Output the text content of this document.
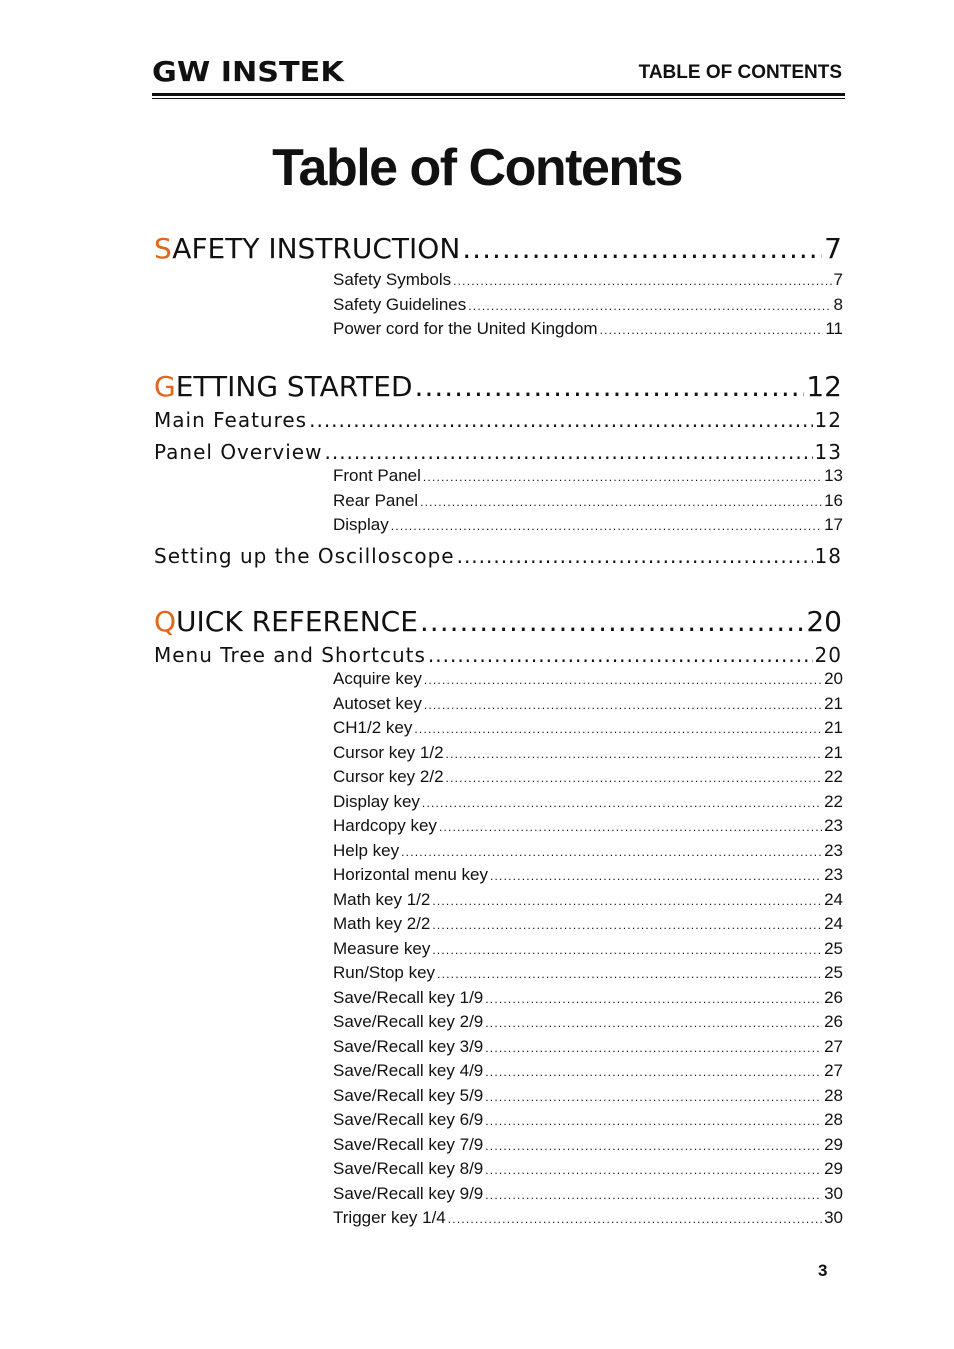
GW INSTEK	TABLE OF CONTENTS
Table of Contents
SAFETY INSTRUCTION .....	7
Safety Symbols .....	7
Safety Guidelines .....	8
Power cord for the United Kingdom .....	11
GETTING STARTED .....	12
Main Features .....	12
Panel Overview .....	13
Front Panel .....	13
Rear Panel .....	16
Display .....	17
Setting up the Oscilloscope .....	18
QUICK REFERENCE .....	20
Menu Tree and Shortcuts .....	20
Acquire key .....	20
Autoset key .....	21
CH1/2 key .....	21
Cursor key 1/2 .....	21
Cursor key 2/2 .....	22
Display key .....	22
Hardcopy key .....	23
Help key .....	23
Horizontal menu key .....	23
Math key 1/2 .....	24
Math key 2/2 .....	24
Measure key .....	25
Run/Stop key .....	25
Save/Recall key 1/9 .....	26
Save/Recall key 2/9 .....	26
Save/Recall key 3/9 .....	27
Save/Recall key 4/9 .....	27
Save/Recall key 5/9 .....	28
Save/Recall key 6/9 .....	28
Save/Recall key 7/9 .....	29
Save/Recall key 8/9 .....	29
Save/Recall key 9/9 .....	30
Trigger key 1/4 .....	30
3
